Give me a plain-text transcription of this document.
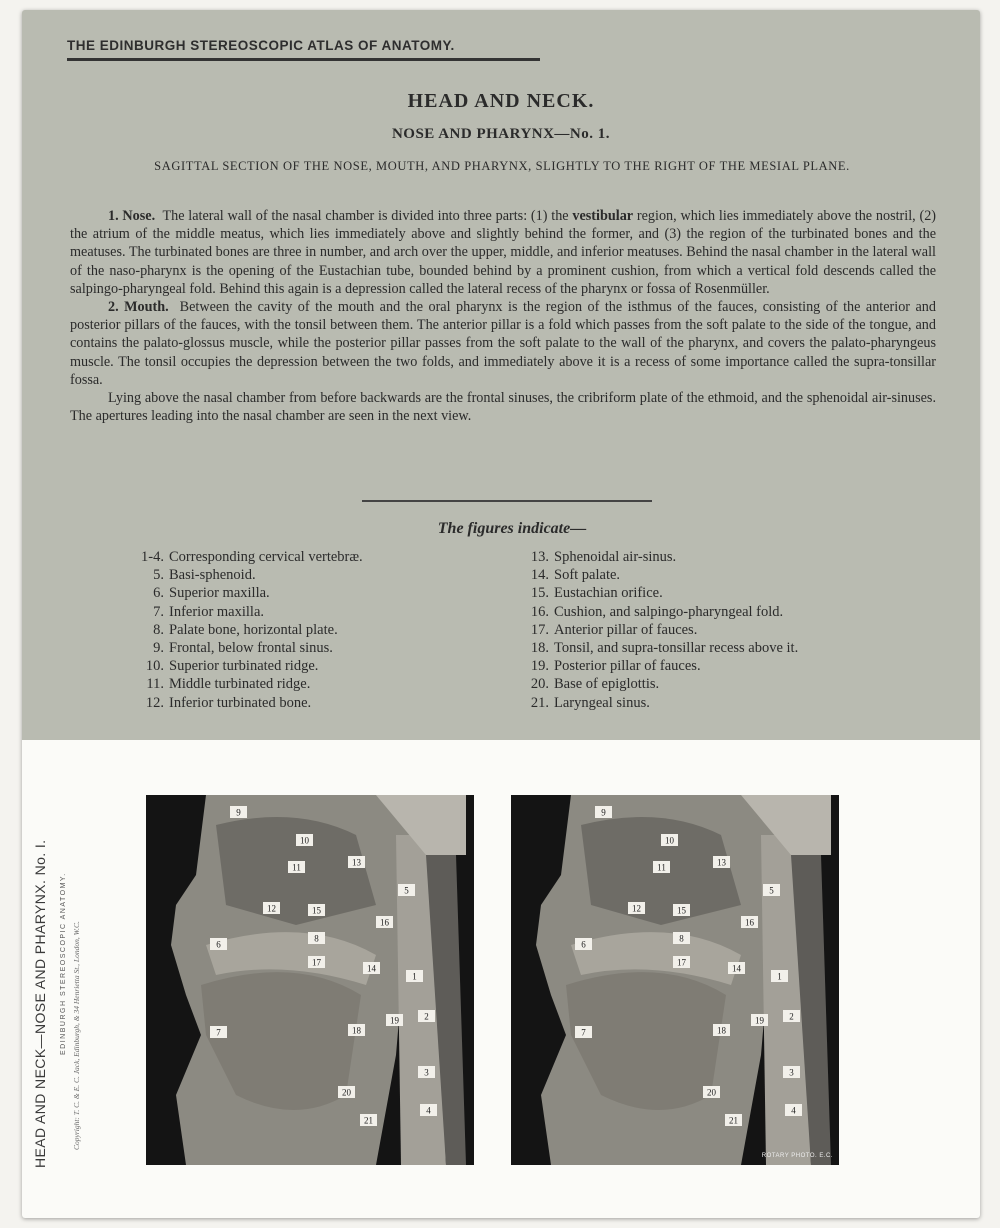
THE EDINBURGH STEREOSCOPIC ATLAS OF ANATOMY.
HEAD AND NECK.
NOSE AND PHARYNX—No. 1.
SAGITTAL SECTION OF THE NOSE, MOUTH, AND PHARYNX, SLIGHTLY TO THE RIGHT OF THE MESIAL PLANE.

1. Nose. The lateral wall of the nasal chamber is divided into three parts: (1) the vestibular region, which lies immediately above the nostril, (2) the atrium of the middle meatus, which lies immediately above and slightly behind the former, and (3) the region of the turbinated bones and the meatuses. The turbinated bones are three in number, and arch over the upper, middle, and inferior meatuses. Behind the nasal chamber in the lateral wall of the naso-pharynx is the opening of the Eustachian tube, bounded behind by a prominent cushion, from which a vertical fold descends called the salpingo-pharyngeal fold. Behind this again is a depression called the lateral recess of the pharynx or fossa of Rosenmüller.

2. Mouth. Between the cavity of the mouth and the oral pharynx is the region of the isthmus of the fauces, consisting of the anterior and posterior pillars of the fauces, with the tonsil between them. The anterior pillar is a fold which passes from the soft palate to the side of the tongue, and contains the palato-glossus muscle, while the posterior pillar passes from the soft palate to the wall of the pharynx, and covers the palato-pharyngeus muscle. The tonsil occupies the depression between the two folds, and immediately above it is a recess of some importance called the supra-tonsillar fossa.

Lying above the nasal chamber from before backwards are the frontal sinuses, the cribriform plate of the ethmoid, and the sphenoidal air-sinuses. The apertures leading into the nasal chamber are seen in the next view.

The figures indicate—
1-4. Corresponding cervical vertebræ.
5. Basi-sphenoid.
6. Superior maxilla.
7. Inferior maxilla.
8. Palate bone, horizontal plate.
9. Frontal, below frontal sinus.
10. Superior turbinated ridge.
11. Middle turbinated ridge.
12. Inferior turbinated bone.
13. Sphenoidal air-sinus.
14. Soft palate.
15. Eustachian orifice.
16. Cushion, and salpingo-pharyngeal fold.
17. Anterior pillar of fauces.
18. Tonsil, and supra-tonsillar recess above it.
19. Posterior pillar of fauces.
20. Base of epiglottis.
21. Laryngeal sinus.
HEAD AND NECK—NOSE AND PHARYNX. No. I. EDINBURGH STEREOSCOPIC ANATOMY. Copyright: T. C. & E. C. Jack, Edinburgh, & 34 Henrietta St., London, W.C.
9
10
11	13
5
12	15
16
6
8
17
14
1
7	18
19	2
3
20
21
4
9
10
11	13
5
12	15
16
6
8
17
14
1
7	18
19	2
3
20
21
4
ROTARY PHOTO. E.C.
